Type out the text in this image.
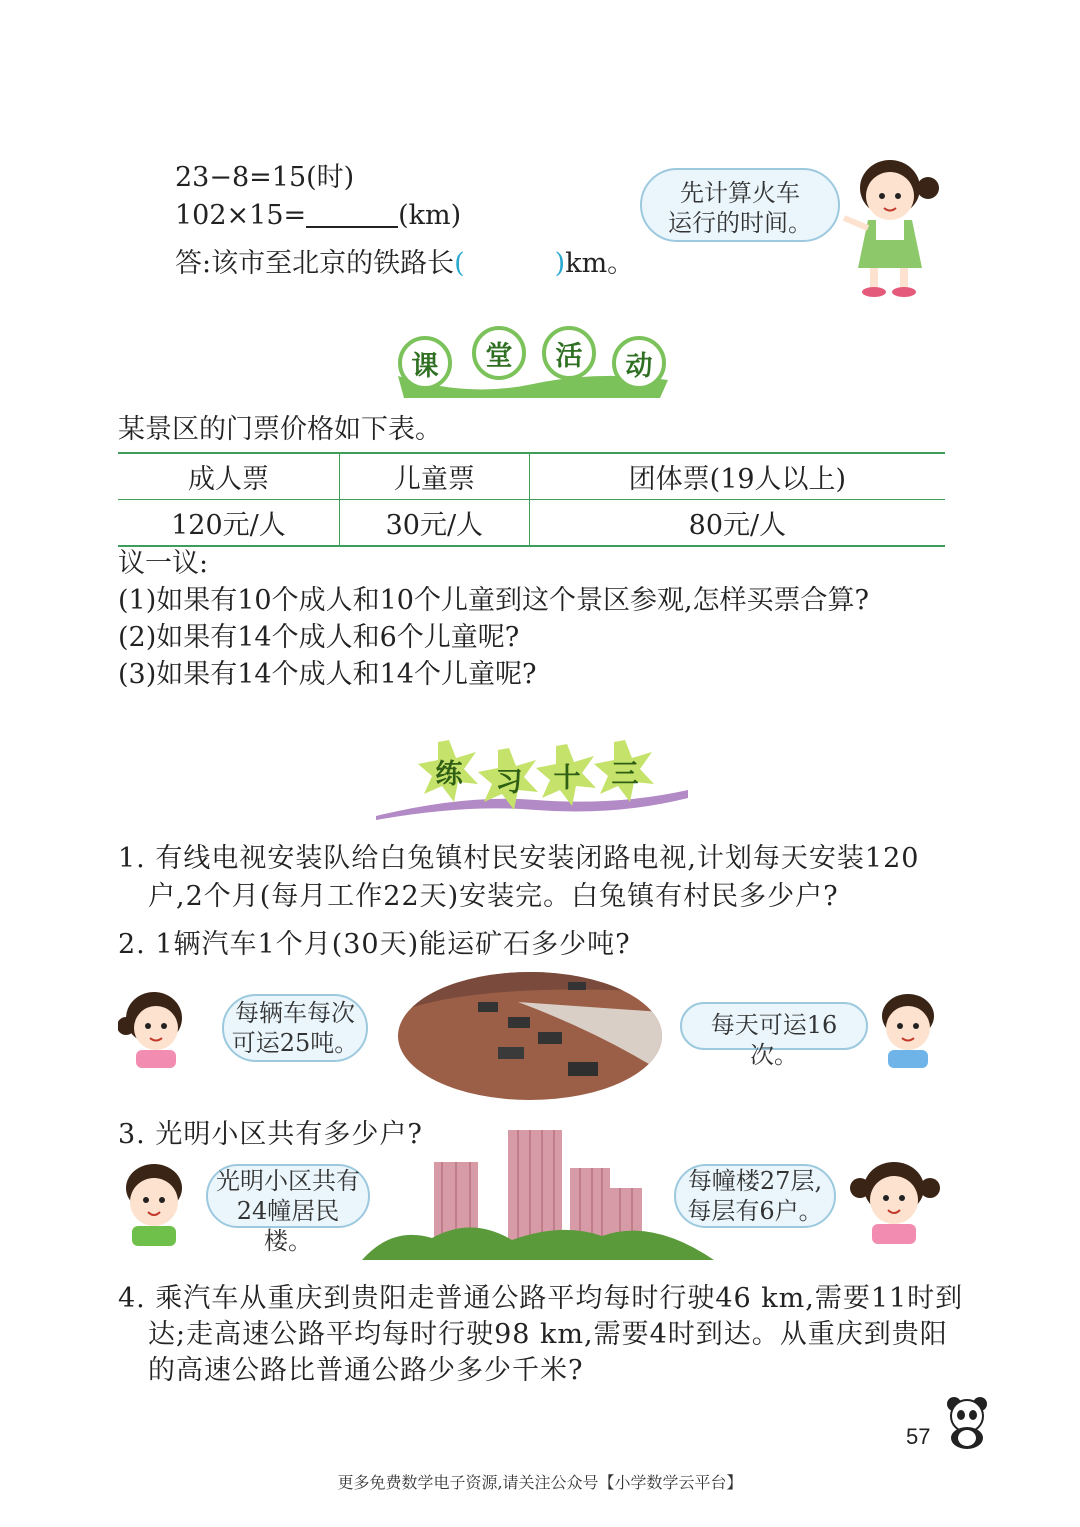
23−8=15(时)
102×15=	(km)
答:该市至北京的铁路长(	)km。
先计算火车
运行的时间。
课	堂	活	动
某景区的门票价格如下表。
成人票	儿童票	团体票(19人以上)
120元/人	30元/人	80元/人
议一议:
(1)如果有10个成人和10个儿童到这个景区参观,怎样买票合算?
(2)如果有14个成人和6个儿童呢?
(3)如果有14个成人和14个儿童呢?
练 习 十 三
1. 有线电视安装队给白兔镇村民安装闭路电视,计划每天安装120
户,2个月(每月工作22天)安装完。白兔镇有村民多少户?
2. 1辆汽车1个月(30天)能运矿石多少吨?
每辆车每次
可运25吨。
每天可运16次。
3. 光明小区共有多少户?
光明小区共有
24幢居民楼。
每幢楼27层,
每层有6户。
4. 乘汽车从重庆到贵阳走普通公路平均每时行驶46 km,需要11时到
达;走高速公路平均每时行驶98 km,需要4时到达。从重庆到贵阳
的高速公路比普通公路少多少千米?
57
更多免费数学电子资源,请关注公众号【小学数学云平台】
